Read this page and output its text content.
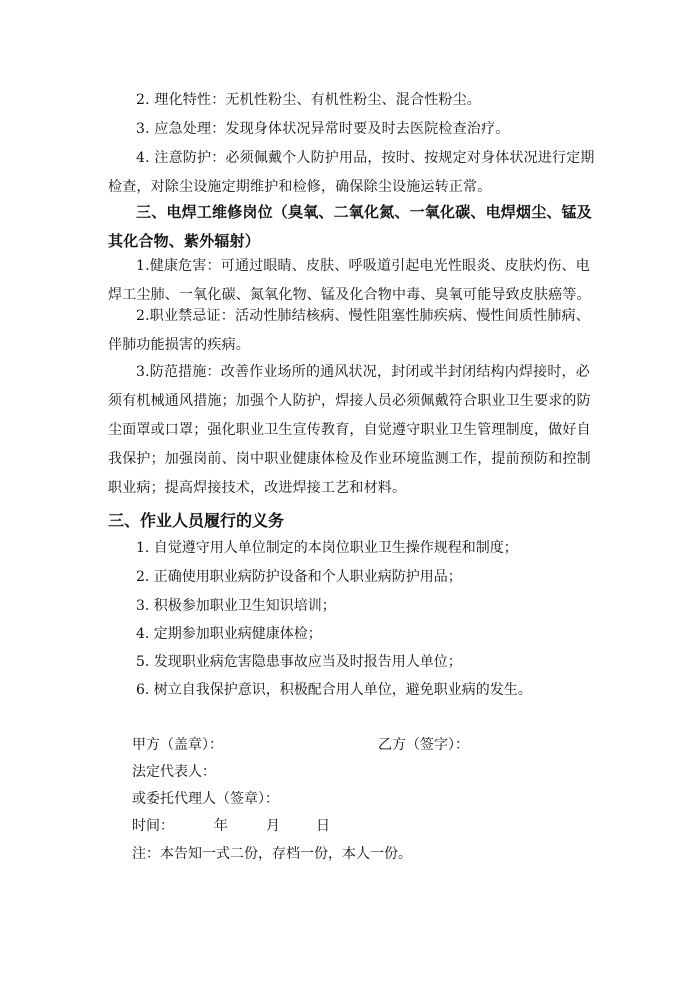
2. 理化特性：无机性粉尘、有机性粉尘、混合性粉尘。

3. 应急处理：发现身体状况异常时要及时去医院检查治疗。

4. 注意防护：必须佩戴个人防护用品，按时、按规定对身体状况进行定期检查，对除尘设施定期维护和检修，确保除尘设施运转正常。

三、电焊工维修岗位（臭氧、二氧化氮、一氧化碳、电焊烟尘、锰及其化合物、紫外辐射）

1.健康危害：可通过眼睛、皮肤、呼吸道引起电光性眼炎、皮肤灼伤、电焊工尘肺、一氧化碳、氮氧化物、锰及化合物中毒、臭氧可能导致皮肤癌等。

2.职业禁忌证：活动性肺结核病、慢性阻塞性肺疾病、慢性间质性肺病、伴肺功能损害的疾病。

3.防范措施：改善作业场所的通风状况，封闭或半封闭结构内焊接时，必须有机械通风措施；加强个人防护，焊接人员必须佩戴符合职业卫生要求的防尘面罩或口罩；强化职业卫生宣传教育，自觉遵守职业卫生管理制度，做好自我保护；加强岗前、岗中职业健康体检及作业环境监测工作，提前预防和控制职业病；提高焊接技术，改进焊接工艺和材料。

三、作业人员履行的义务

1. 自觉遵守用人单位制定的本岗位职业卫生操作规程和制度；

2. 正确使用职业病防护设备和个人职业病防护用品；

3. 积极参加职业卫生知识培训；

4. 定期参加职业病健康体检；

5. 发现职业病危害隐患事故应当及时报告用人单位；

6. 树立自我保护意识，积极配合用人单位，避免职业病的发生。

甲方（盖章）：	乙方（签字）：

法定代表人：

或委托代理人（签章）：

时间：	年	月	日

注：本告知一式二份，存档一份，本人一份。
